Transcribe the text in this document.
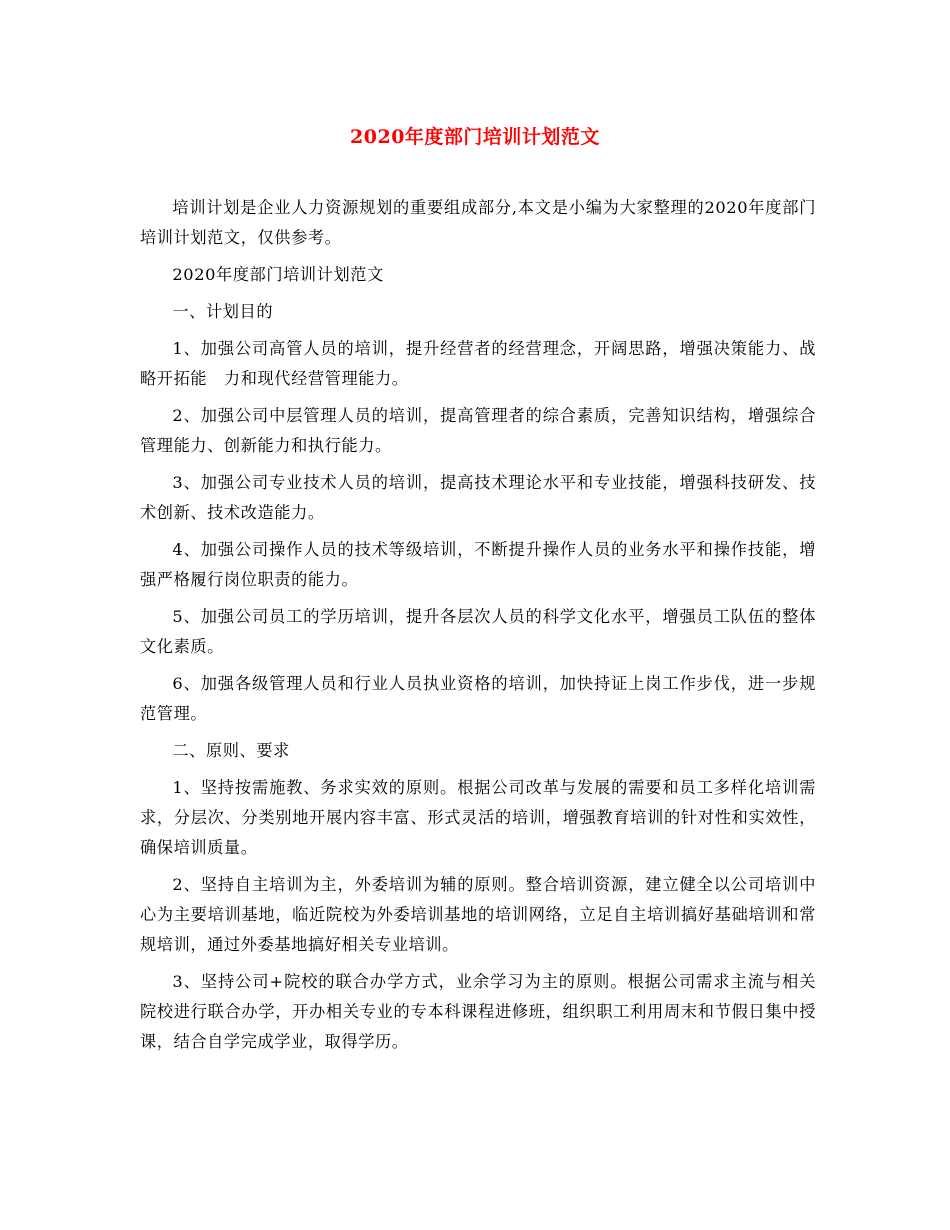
2020年度部门培训计划范文

培训计划是企业人力资源规划的重要组成部分,本文是小编为大家整理的2020年度部门培训计划范文，仅供参考。

2020年度部门培训计划范文

一、计划目的

1、加强公司高管人员的培训，提升经营者的经营理念，开阔思路，增强决策能力、战略开拓能　力和现代经营管理能力。

2、加强公司中层管理人员的培训，提高管理者的综合素质，完善知识结构，增强综合管理能力、创新能力和执行能力。

3、加强公司专业技术人员的培训，提高技术理论水平和专业技能，增强科技研发、技术创新、技术改造能力。

4、加强公司操作人员的技术等级培训，不断提升操作人员的业务水平和操作技能，增强严格履行岗位职责的能力。

5、加强公司员工的学历培训，提升各层次人员的科学文化水平，增强员工队伍的整体文化素质。

6、加强各级管理人员和行业人员执业资格的培训，加快持证上岗工作步伐，进一步规范管理。

二、原则、要求

1、坚持按需施教、务求实效的原则。根据公司改革与发展的需要和员工多样化培训需求，分层次、分类别地开展内容丰富、形式灵活的培训，增强教育培训的针对性和实效性，确保培训质量。

2、坚持自主培训为主，外委培训为辅的原则。整合培训资源，建立健全以公司培训中心为主要培训基地，临近院校为外委培训基地的培训网络，立足自主培训搞好基础培训和常规培训，通过外委基地搞好相关专业培训。

3、坚持公司+院校的联合办学方式，业余学习为主的原则。根据公司需求主流与相关院校进行联合办学，开办相关专业的专本科课程进修班，组织职工利用周末和节假日集中授课，结合自学完成学业，取得学历。
